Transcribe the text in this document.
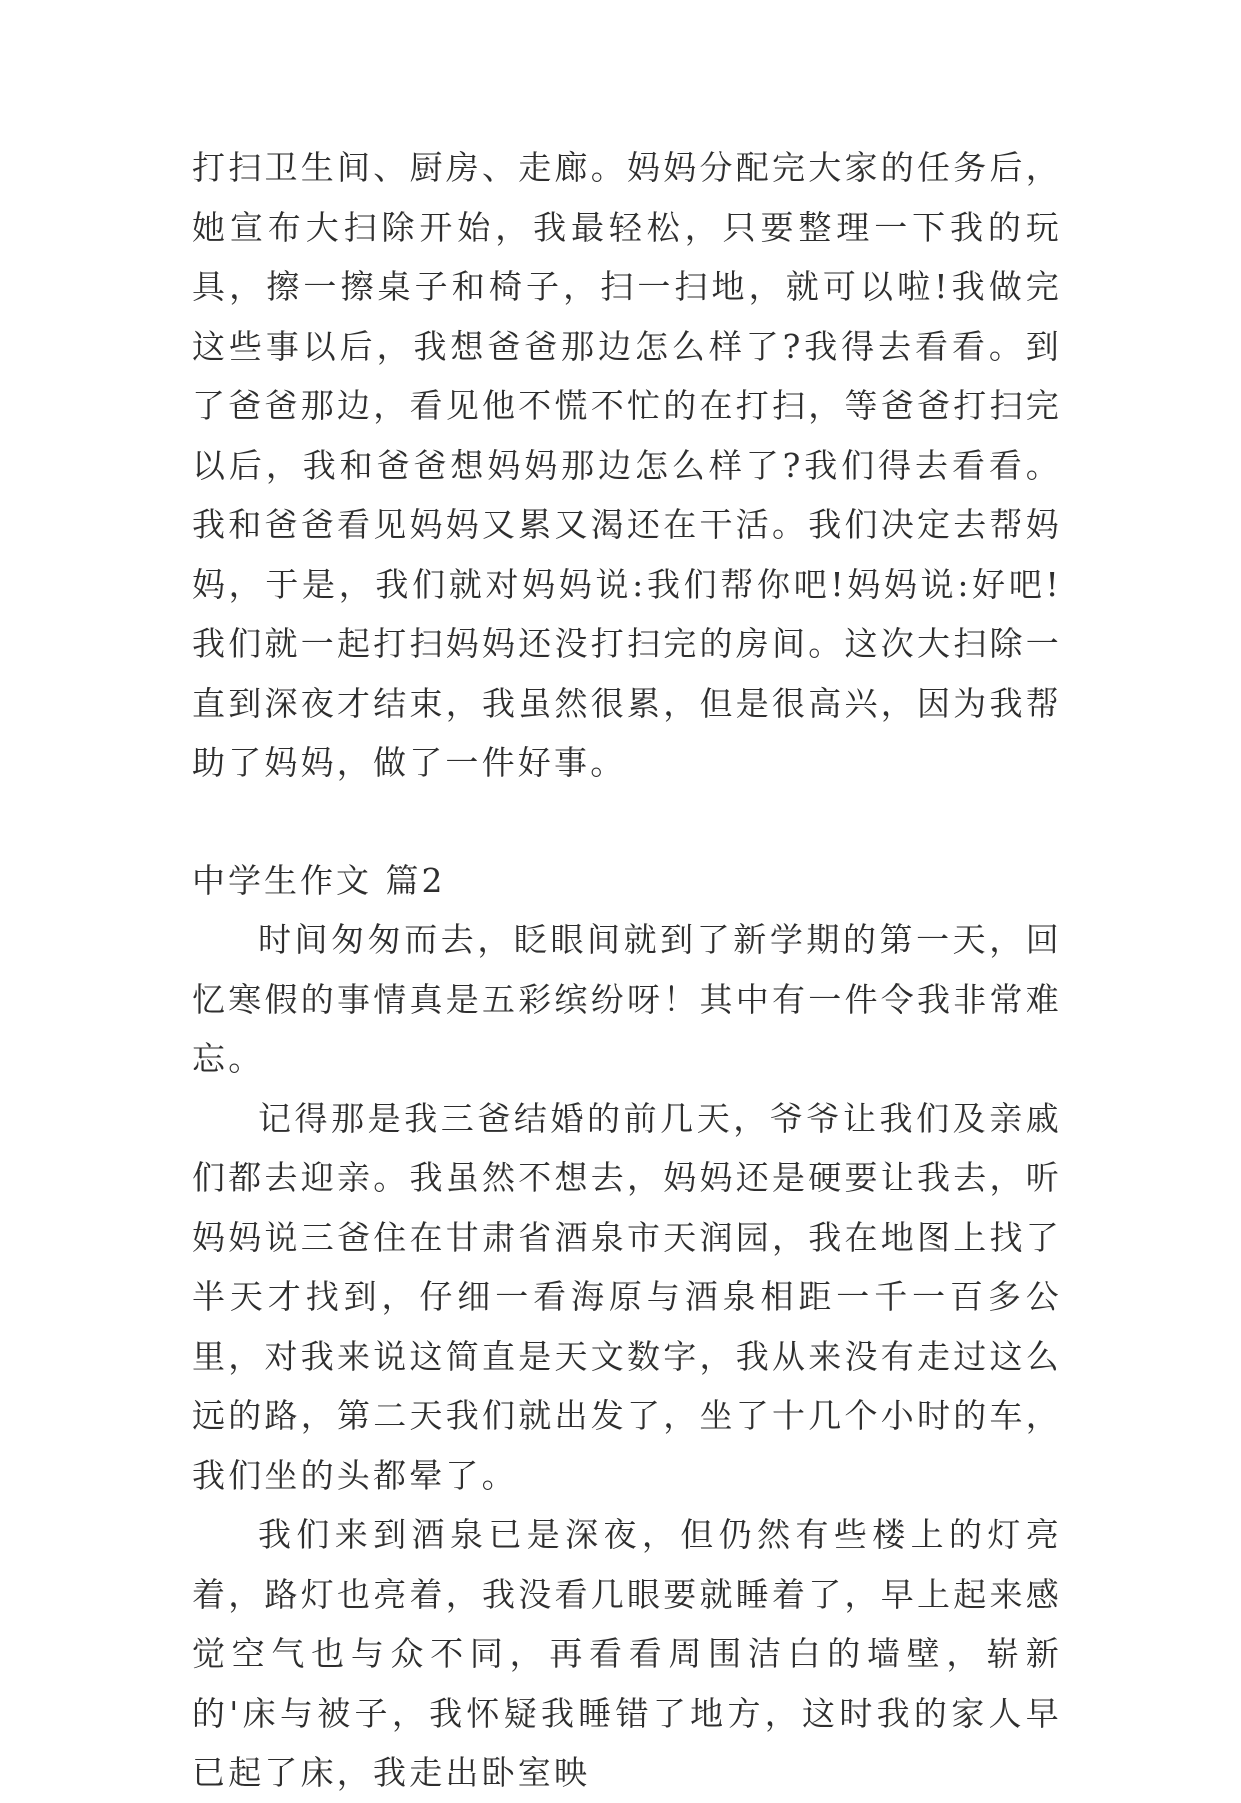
打扫卫生间、厨房、走廊。妈妈分配完大家的任务后，她宣布大扫除开始，我最轻松，只要整理一下我的玩具，擦一擦桌子和椅子，扫一扫地，就可以啦!我做完这些事以后，我想爸爸那边怎么样了?我得去看看。到了爸爸那边，看见他不慌不忙的在打扫，等爸爸打扫完以后，我和爸爸想妈妈那边怎么样了?我们得去看看。我和爸爸看见妈妈又累又渴还在干活。我们决定去帮妈妈，于是，我们就对妈妈说:我们帮你吧!妈妈说:好吧!我们就一起打扫妈妈还没打扫完的房间。这次大扫除一直到深夜才结束，我虽然很累，但是很高兴，因为我帮助了妈妈，做了一件好事。

中学生作文 篇2

时间匆匆而去，眨眼间就到了新学期的第一天，回忆寒假的事情真是五彩缤纷呀！其中有一件令我非常难忘。

记得那是我三爸结婚的前几天，爷爷让我们及亲戚们都去迎亲。我虽然不想去，妈妈还是硬要让我去，听妈妈说三爸住在甘肃省酒泉市天润园，我在地图上找了半天才找到，仔细一看海原与酒泉相距一千一百多公里，对我来说这简直是天文数字，我从来没有走过这么远的路，第二天我们就出发了，坐了十几个小时的车，我们坐的头都晕了。

我们来到酒泉已是深夜，但仍然有些楼上的灯亮着，路灯也亮着，我没看几眼要就睡着了，早上起来感觉空气也与众不同，再看看周围洁白的墙壁，崭新的'床与被子，我怀疑我睡错了地方，这时我的家人早已起了床，我走出卧室映
